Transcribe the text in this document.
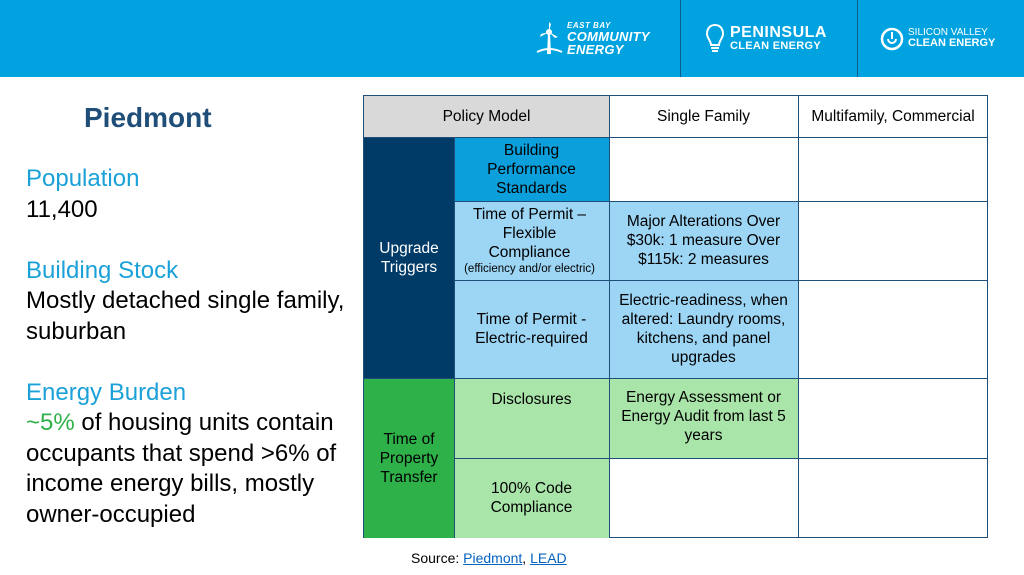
EAST BAY
COMMUNITY
ENERGY
PENINSULA
CLEAN ENERGY
SILICON VALLEY
CLEAN ENERGY
Piedmont
Population
11,400
Building Stock
Mostly detached single family, suburban
Energy Burden
~5% of housing units contain occupants that spend >6% of income energy bills, mostly owner-occupied
Policy Model	Single Family	Multifamily, Commercial
Upgrade Triggers
Time of Property Transfer
Building Performance Standards
Time of Permit – Flexible Compliance
(efficiency and/or electric)
Time of Permit - Electric-required
Disclosures
100% Code Compliance
Major Alterations Over $30k: 1 measure Over $115k: 2 measures
Electric-readiness, when altered: Laundry rooms, kitchens, and panel upgrades
Energy Assessment or Energy Audit from last 5 years
Source: Piedmont, LEAD
